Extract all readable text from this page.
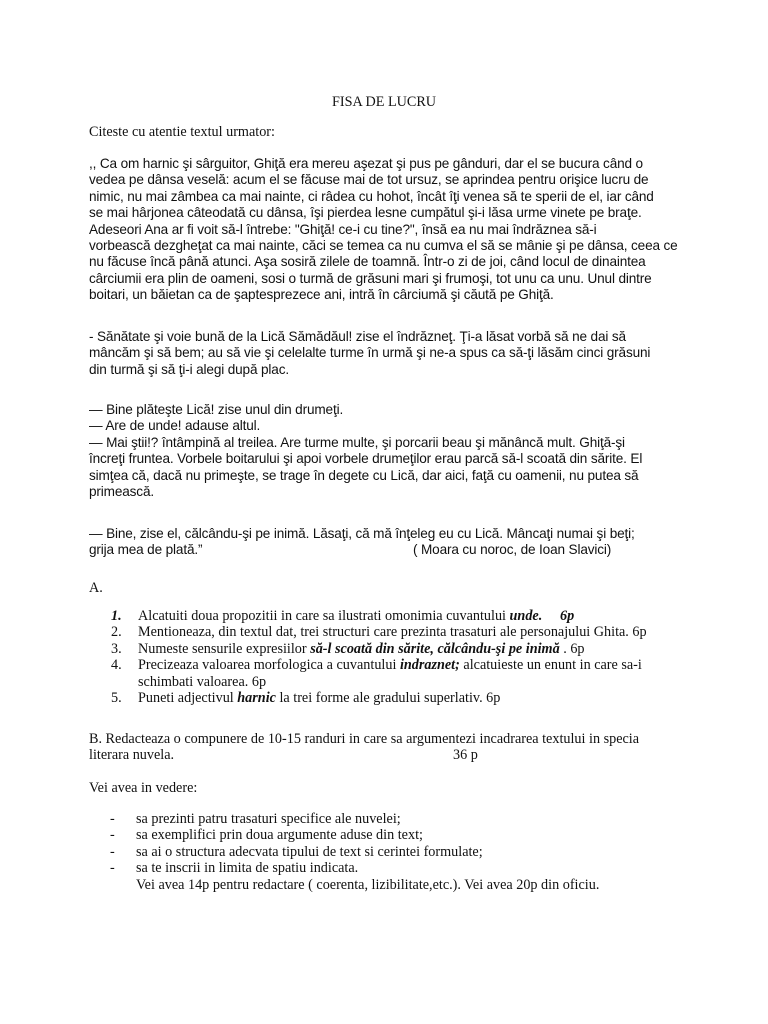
FISA DE LUCRU
Citeste cu atentie textul urmator:
,, Ca om harnic şi sârguitor, Ghiţă era mereu aşezat şi pus pe gânduri, dar el se bucura când o
vedea pe dânsa veselă: acum el se făcuse mai de tot ursuz, se aprindea pentru orişice lucru de
nimic, nu mai zâmbea ca mai nainte, ci râdea cu hohot, încât îţi venea să te sperii de el, iar când
se mai hârjonea câteodată cu dânsa, îşi pierdea lesne cumpătul şi-i lăsa urme vinete pe braţe.
Adeseori Ana ar fi voit să-l întrebe: "Ghiţă! ce-i cu tine?", însă ea nu mai îndrăznea să-i
vorbească dezgheţat ca mai nainte, căci se temea ca nu cumva el să se mânie şi pe dânsa, ceea ce
nu făcuse încă până atunci. Aşa sosiră zilele de toamnă. Într-o zi de joi, când locul de dinaintea
cârciumii era plin de oameni, sosi o turmă de grăsuni mari şi frumoşi, tot unu ca unu. Unul dintre
boitari, un băietan ca de şaptesprezece ani, intră în cârciumă şi căută pe Ghiţă.
- Sănătate şi voie bună de la Lică Sămădăul! zise el îndrăzneţ. Ţi-a lăsat vorbă să ne dai să
mâncăm şi să bem; au să vie şi celelalte turme în urmă şi ne-a spus ca să-ţi lăsăm cinci grăsuni
din turmă şi să ţi-i alegi după plac.
— Bine plăteşte Lică! zise unul din drumeţi.
— Are de unde! adause altul.
— Mai ştii!? întâmpină al treilea. Are turme multe, şi porcarii beau şi mănâncă mult. Ghiţă-şi
încreţi fruntea. Vorbele boitarului şi apoi vorbele drumeţilor erau parcă să-l scoată din sărite. El
simţea că, dacă nu primeşte, se trage în degete cu Lică, dar aici, faţă cu oamenii, nu putea să
primească.
— Bine, zise el, călcându-şi pe inimă. Lăsaţi, că mă înţeleg eu cu Lică. Mâncaţi numai şi beţi;
grija mea de plată.”	( Moara cu noroc, de Ioan Slavici)
A.
1. Alcatuiti doua propozitii in care sa ilustrati omonimia cuvantului unde. 6p
2. Mentioneaza, din textul dat, trei structuri care prezinta trasaturi ale personajului Ghita. 6p
3. Numeste sensurile expresiilor să-l scoată din sărite, călcându-şi pe inimă . 6p
4. Precizeaza valoarea morfologica a cuvantului indraznet; alcatuieste un enunt in care sa-i
schimbati valoarea. 6p
5. Puneti adjectivul harnic la trei forme ale gradului superlativ. 6p
B. Redacteaza o compunere de 10-15 randuri in care sa argumentezi incadrarea textului in specia
literara nuvela.	36 p
Vei avea in vedere:
- sa prezinti patru trasaturi specifice ale nuvelei;
- sa exemplifici prin doua argumente aduse din text;
- sa ai o structura adecvata tipului de text si cerintei formulate;
- sa te inscrii in limita de spatiu indicata.
Vei avea 14p pentru redactare ( coerenta, lizibilitate,etc.). Vei avea 20p din oficiu.
